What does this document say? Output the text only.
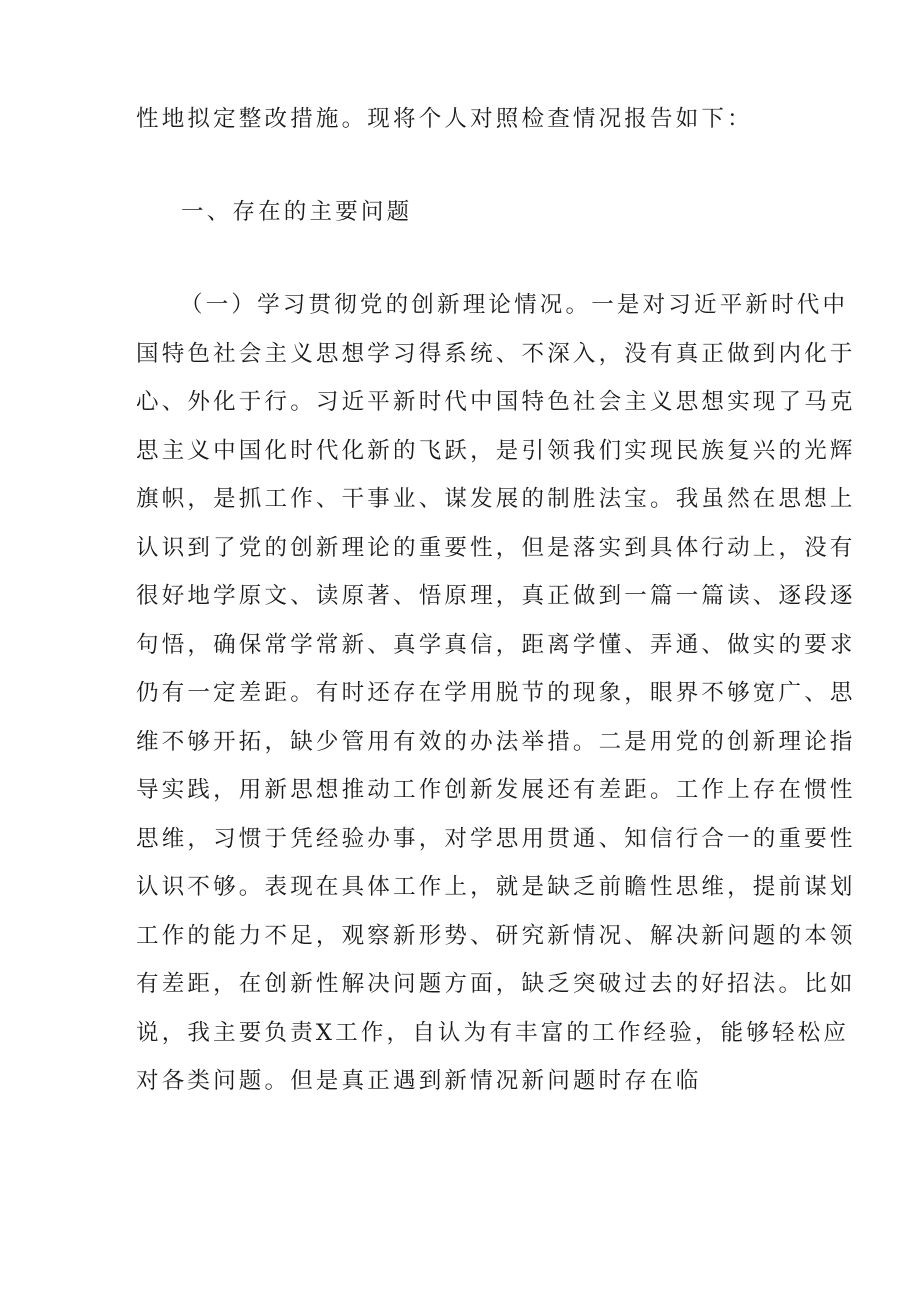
性地拟定整改措施。现将个人对照检查情况报告如下：
一、存在的主要问题
（一）学习贯彻党的创新理论情况。一是对习近平新时代中
国特色社会主义思想学习得系统、不深入，没有真正做到内化于
心、外化于行。习近平新时代中国特色社会主义思想实现了马克
思主义中国化时代化新的飞跃，是引领我们实现民族复兴的光辉
旗帜，是抓工作、干事业、谋发展的制胜法宝。我虽然在思想上
认识到了党的创新理论的重要性，但是落实到具体行动上，没有
很好地学原文、读原著、悟原理，真正做到一篇一篇读、逐段逐
句悟，确保常学常新、真学真信，距离学懂、弄通、做实的要求
仍有一定差距。有时还存在学用脱节的现象，眼界不够宽广、思
维不够开拓，缺少管用有效的办法举措。二是用党的创新理论指
导实践，用新思想推动工作创新发展还有差距。工作上存在惯性
思维，习惯于凭经验办事，对学思用贯通、知信行合一的重要性
认识不够。表现在具体工作上，就是缺乏前瞻性思维，提前谋划
工作的能力不足，观察新形势、研究新情况、解决新问题的本领
有差距，在创新性解决问题方面，缺乏突破过去的好招法。比如
说，我主要负责X工作，自认为有丰富的工作经验，能够轻松应
对各类问题。但是真正遇到新情况新问题时存在临
